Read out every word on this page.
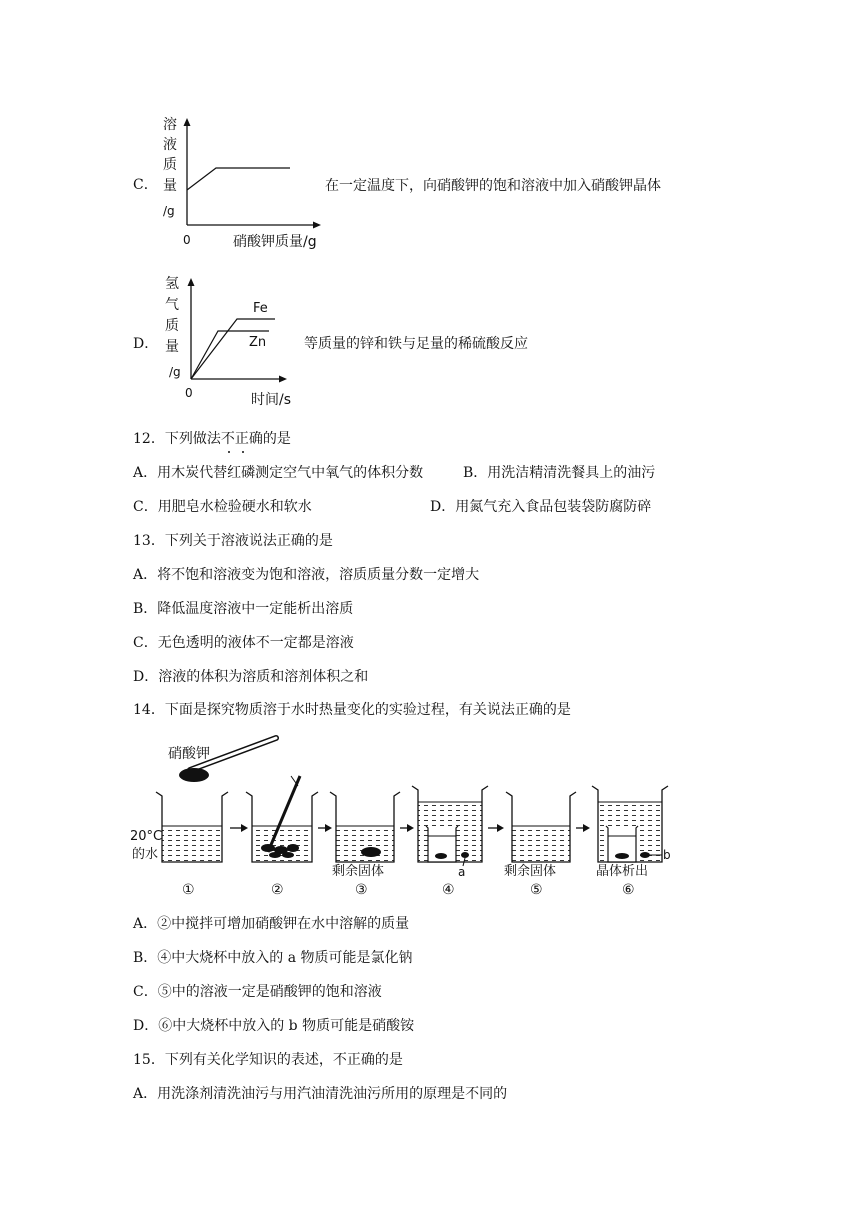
C．
溶
液
质
量
/g
0	硝酸钾质量/g
在一定温度下，向硝酸钾的饱和溶液中加入硝酸钾晶体
D．
氢
气
质
量
/g
0	时间/s
Fe
Zn	等质量的锌和铁与足量的稀硫酸反应
12．下列做法不正确的是
A．用木炭代替红磷测定空气中氧气的体积分数	B．用洗洁精清洗餐具上的油污
C．用肥皂水检验硬水和软水	D．用氮气充入食品包装袋防腐防碎
13．下列关于溶液说法正确的是
A．将不饱和溶液变为饱和溶液，溶质质量分数一定增大
B．降低温度溶液中一定能析出溶质
C．无色透明的液体不一定都是溶液
D．溶液的体积为溶质和溶剂体积之和
14．下面是探究物质溶于水时热量变化的实验过程，有关说法正确的是
硝酸钾
20°C
的水
剩余固体	剩余固体	晶体析出
a
b
①	②	③	④	⑤	⑥
A．②中搅拌可增加硝酸钾在水中溶解的质量
B．④中大烧杯中放入的 a 物质可能是氯化钠
C．⑤中的溶液一定是硝酸钾的饱和溶液
D．⑥中大烧杯中放入的 b 物质可能是硝酸铵
15．下列有关化学知识的表述，不正确的是
A．用洗涤剂清洗油污与用汽油清洗油污所用的原理是不同的
